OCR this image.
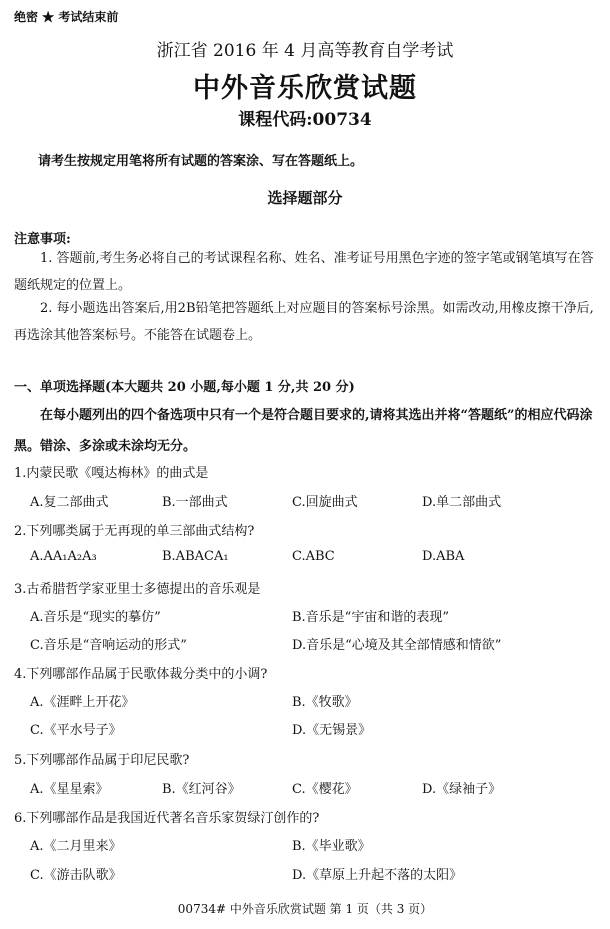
绝密 ★ 考试结束前
浙江省 2016 年 4 月高等教育自学考试
中外音乐欣赏试题
课程代码:00734
请考生按规定用笔将所有试题的答案涂、写在答题纸上。
选择题部分
注意事项:
1. 答题前,考生务必将自己的考试课程名称、姓名、准考证号用黑色字迹的签字笔或钢笔填写在答题纸规定的位置上。
2. 每小题选出答案后,用2B铅笔把答题纸上对应题目的答案标号涂黑。如需改动,用橡皮擦干净后,再选涂其他答案标号。不能答在试题卷上。
一、单项选择题(本大题共 20 小题,每小题 1 分,共 20 分)
在每小题列出的四个备选项中只有一个是符合题目要求的,请将其选出并将“答题纸”的相应代码涂黑。错涂、多涂或未涂均无分。
1.内蒙民歌《嘎达梅林》的曲式是
A.复二部曲式	B.一部曲式	C.回旋曲式	D.单二部曲式
2.下列哪类属于无再现的单三部曲式结构?
A.AA₁A₂A₃	B.ABACA₁	C.ABC	D.ABA
3.古希腊哲学家亚里士多德提出的音乐观是
A.音乐是“现实的摹仿”	B.音乐是“宇宙和谐的表现”
C.音乐是“音响运动的形式”	D.音乐是“心境及其全部情感和情欲”
4.下列哪部作品属于民歌体裁分类中的小调?
A.《涯畔上开花》	B.《牧歌》
C.《平水号子》	D.《无锡景》
5.下列哪部作品属于印尼民歌?
A.《星星索》	B.《红河谷》	C.《樱花》	D.《绿袖子》
6.下列哪部作品是我国近代著名音乐家贺绿汀创作的?
A.《二月里来》	B.《毕业歌》
C.《游击队歌》	D.《草原上升起不落的太阳》
00734# 中外音乐欣赏试题 第 1 页（共 3 页）
